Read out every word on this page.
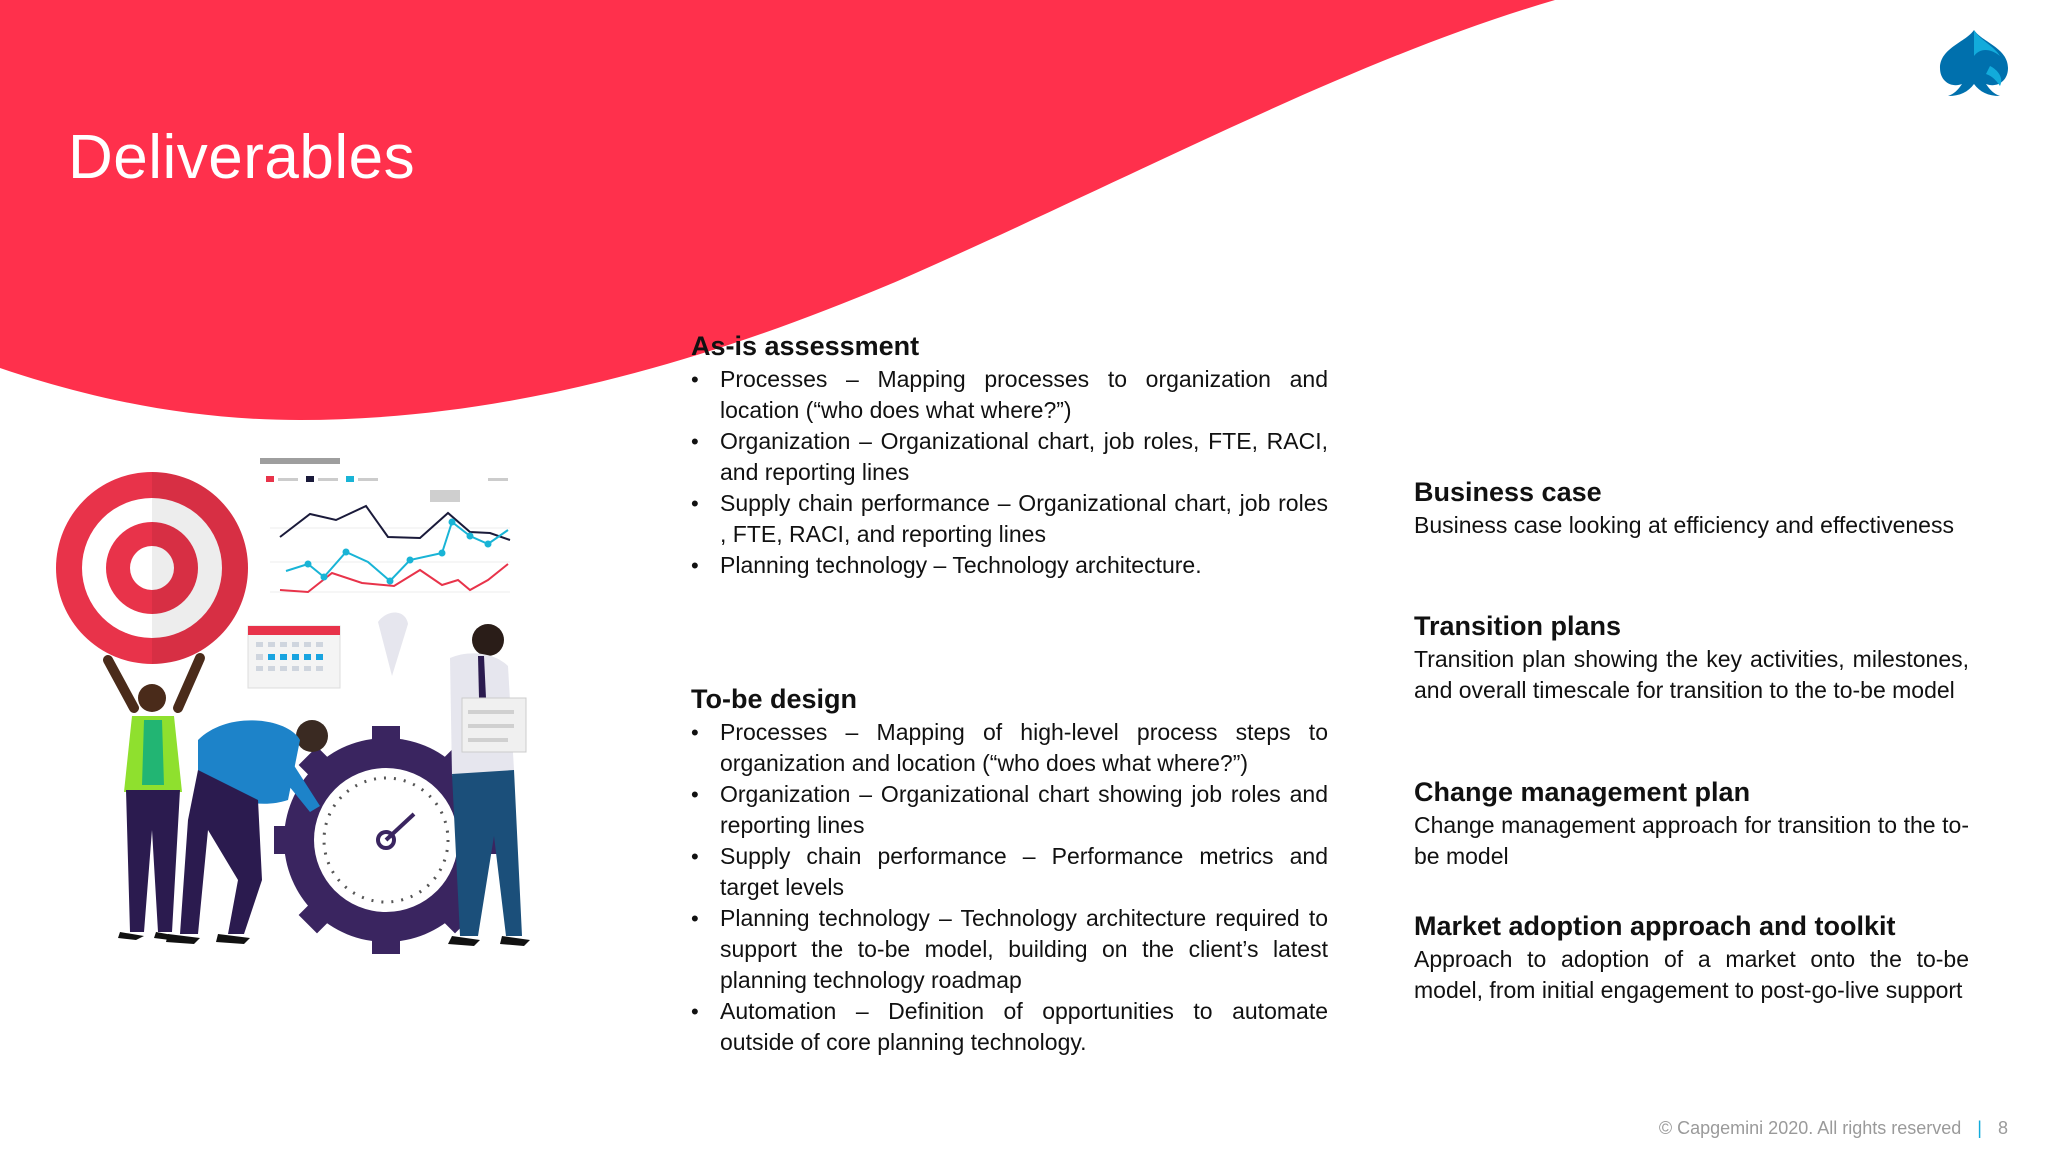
Deliverables
As-is assessment
• Processes – Mapping processes to organization and location (“who does what where?”)
• Organization – Organizational chart, job roles, FTE, RACI, and reporting lines
• Supply chain performance – Organizational chart, job roles , FTE, RACI, and reporting lines
• Planning technology – Technology architecture.
To-be design
• Processes – Mapping of high-level process steps to organization and location (“who does what where?”)
• Organization – Organizational chart showing job roles and reporting lines
• Supply chain performance – Performance metrics and target levels
• Planning technology – Technology architecture required to support the to-be model, building on the client’s latest planning technology roadmap
• Automation – Definition of opportunities to automate outside of core planning technology.
Business case

Business case looking at efficiency and effectiveness

Transition plans

Transition plan showing the key activities, milestones, and overall timescale for transition to the to-be model

Change management plan

Change management approach for transition to the to-be model

Market adoption approach and toolkit

Approach to adoption of a market onto the to-be model, from initial engagement to post-go-live support

© Capgemini 2020. All rights reserved | 8
